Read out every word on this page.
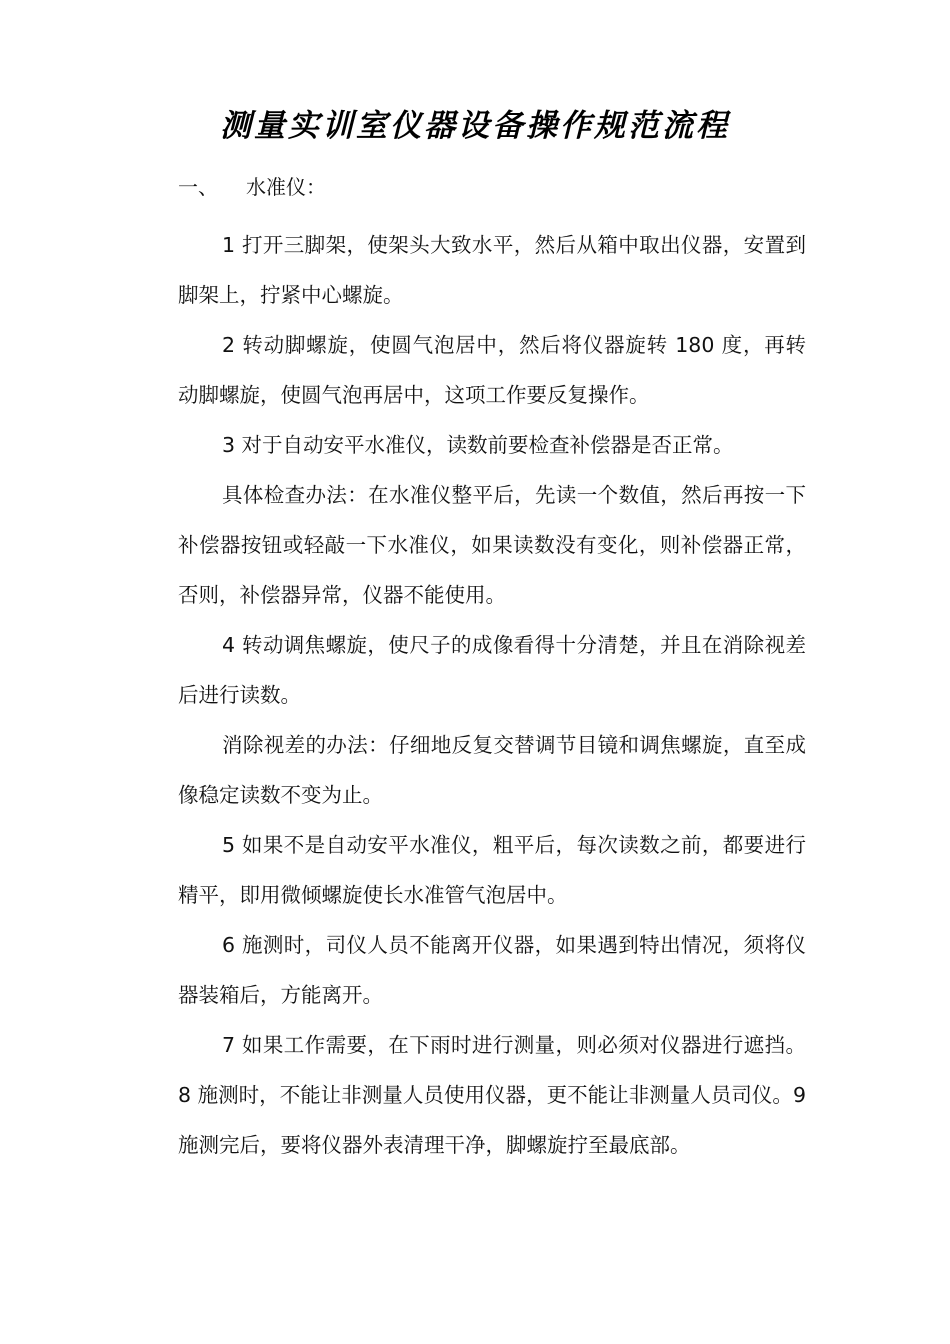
测量实训室仪器设备操作规范流程
一、 水准仪：

1 打开三脚架，使架头大致水平，然后从箱中取出仪器，安置到脚架上，拧紧中心螺旋。

2 转动脚螺旋，使圆气泡居中，然后将仪器旋转 180 度，再转动脚螺旋，使圆气泡再居中，这项工作要反复操作。

3 对于自动安平水准仪，读数前要检查补偿器是否正常。

具体检查办法：在水准仪整平后，先读一个数值，然后再按一下补偿器按钮或轻敲一下水准仪，如果读数没有变化，则补偿器正常，否则，补偿器异常，仪器不能使用。

4 转动调焦螺旋，使尺子的成像看得十分清楚，并且在消除视差后进行读数。

消除视差的办法：仔细地反复交替调节目镜和调焦螺旋，直至成像稳定读数不变为止。

5 如果不是自动安平水准仪，粗平后，每次读数之前，都要进行精平，即用微倾螺旋使长水准管气泡居中。

6 施测时，司仪人员不能离开仪器，如果遇到特出情况，须将仪器装箱后，方能离开。

7 如果工作需要，在下雨时进行测量，则必须对仪器进行遮挡。 8 施测时，不能让非测量人员使用仪器，更不能让非测量人员司仪。9 施测完后，要将仪器外表清理干净，脚螺旋拧至最底部。
